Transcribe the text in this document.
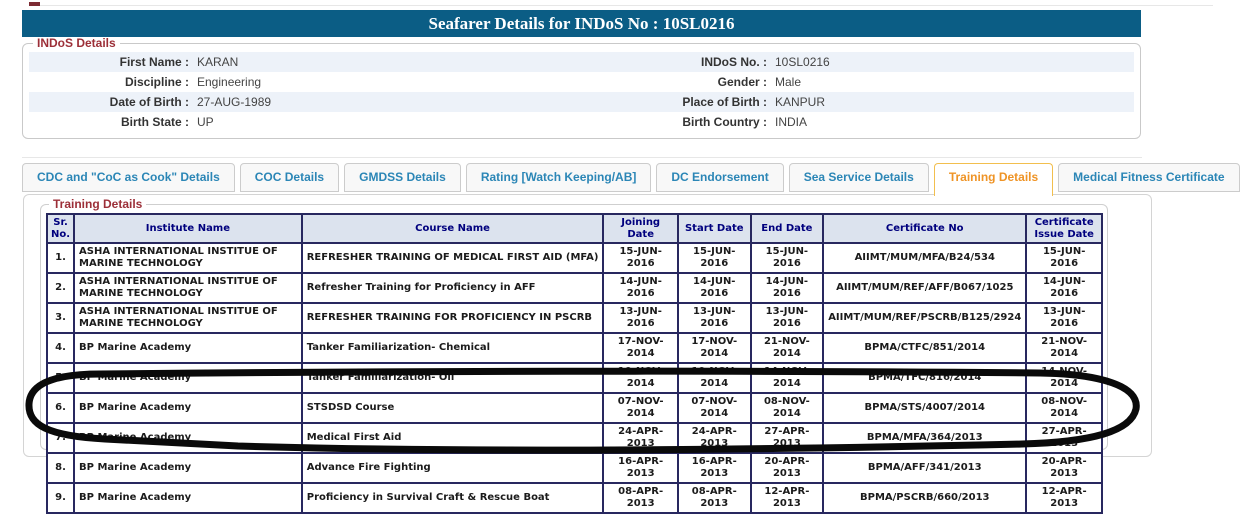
Seafarer Details for INDoS No : 10SL0216
INDoS Details
First Name : KARAN	INDoS No. : 10SL0216
Discipline : Engineering	Gender : Male
Date of Birth : 27-AUG-1989	Place of Birth : KANPUR
Birth State : UP	Birth Country : INDIA
CDC and "CoC as Cook" Details	COC Details	GMDSS Details	Rating [Watch Keeping/AB]	DC Endorsement	Sea Service Details	Training Details	Medical Fitness Certificate
Training Details
Sr. No.	Institute Name	Course Name	Joining Date	Start Date	End Date	Certificate No	Certificate Issue Date
1.	ASHA INTERNATIONAL INSTITUE OF MARINE TECHNOLOGY	REFRESHER TRAINING OF MEDICAL FIRST AID (MFA)	15-JUN-2016	15-JUN-2016	15-JUN-2016	AIIMT/MUM/MFA/B24/534	15-JUN-2016
2.	ASHA INTERNATIONAL INSTITUE OF MARINE TECHNOLOGY	Refresher Training for Proficiency in AFF	14-JUN-2016	14-JUN-2016	14-JUN-2016	AIIMT/MUM/REF/AFF/B067/1025	14-JUN-2016
3.	ASHA INTERNATIONAL INSTITUE OF MARINE TECHNOLOGY	REFRESHER TRAINING FOR PROFICIENCY IN PSCRB	13-JUN-2016	13-JUN-2016	13-JUN-2016	AIIMT/MUM/REF/PSCRB/B125/2924	13-JUN-2016
4.	BP Marine Academy	Tanker Familiarization- Chemical	17-NOV-2014	17-NOV-2014	21-NOV-2014	BPMA/CTFC/851/2014	21-NOV-2014
5.	BP Marine Academy	Tanker Familiarization- Oil	10-NOV-2014	10-NOV-2014	14-NOV-2014	BPMA/TFC/816/2014	14-NOV-2014
6.	BP Marine Academy	STSDSD Course	07-NOV-2014	07-NOV-2014	08-NOV-2014	BPMA/STS/4007/2014	08-NOV-2014
7.	BP Marine Academy	Medical First Aid	24-APR-2013	24-APR-2013	27-APR-2013	BPMA/MFA/364/2013	27-APR-2013
8.	BP Marine Academy	Advance Fire Fighting	16-APR-2013	16-APR-2013	20-APR-2013	BPMA/AFF/341/2013	20-APR-2013
9.	BP Marine Academy	Proficiency in Survival Craft & Rescue Boat	08-APR-2013	08-APR-2013	12-APR-2013	BPMA/PSCRB/660/2013	12-APR-2013
